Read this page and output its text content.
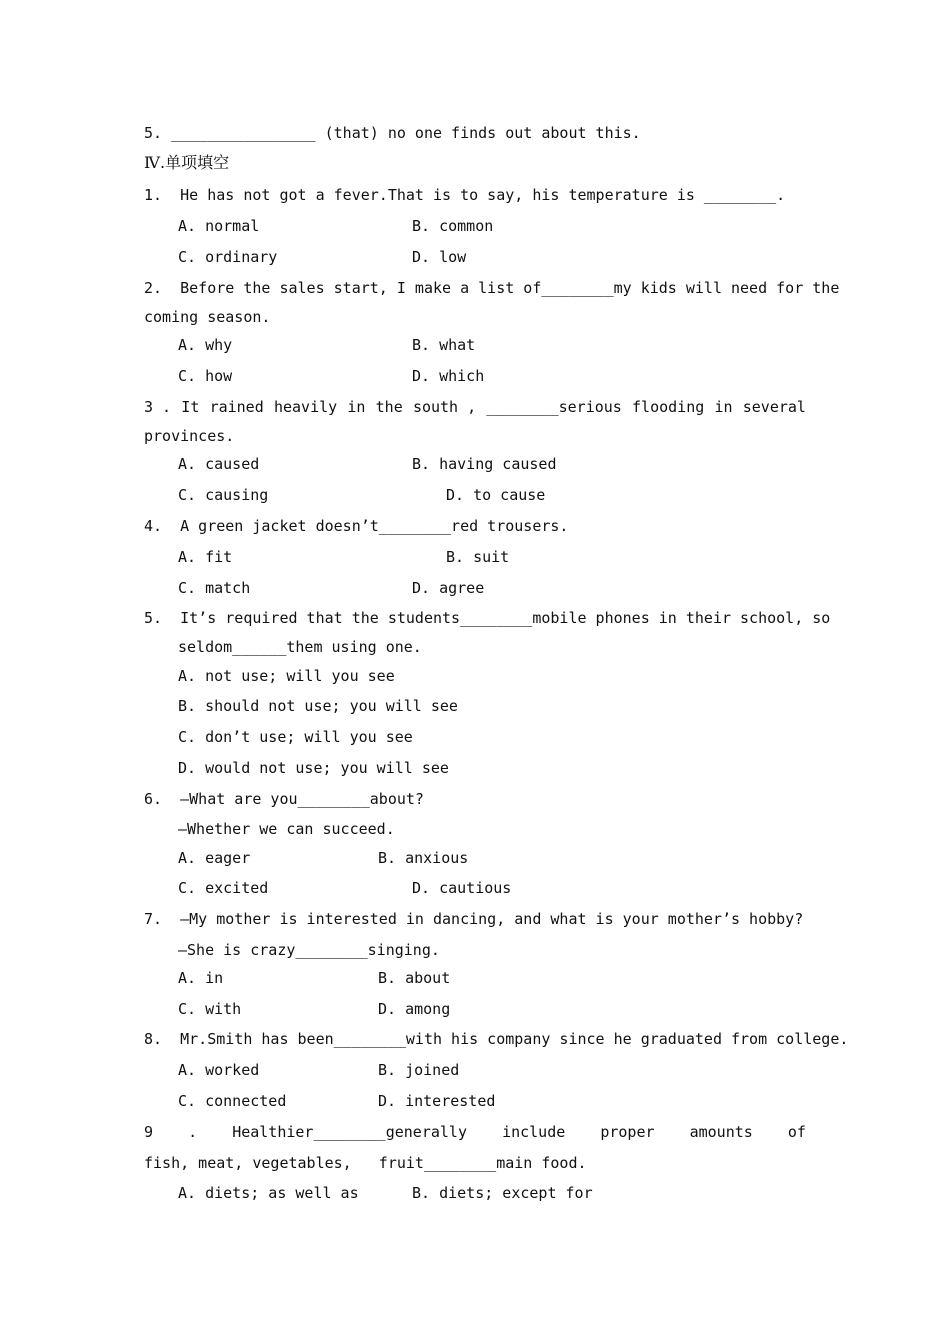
5. ________________ (that) no one finds out about this.
Ⅳ.单项填空
1.  He has not got a fever.That is to say, his temperature is ________.
A. normal	B. common
C. ordinary	D. low
2.  Before the sales start, I make a list of________my kids will need for the
coming season.
A. why	B. what
C. how	D. which
3 . It rained heavily in the south , ________serious flooding in several
provinces.
A. caused	B. having caused
C. causing	D. to cause
4.  A green jacket doesn’t________red trousers.
A. fit	B. suit
C. match	D. agree
5.  It’s required that the students________mobile phones in their school, so
seldom______them using one.
A. not use; will you see
B. should not use; you will see
C. don’t use; will you see
D. would not use; you will see
6.  —What are you________about?
—Whether we can succeed.
A. eager	B. anxious
C. excited	D. cautious
7.  —My mother is interested in dancing, and what is your mother’s hobby?
—She is crazy________singing.
A. in	B. about
C. with	D. among
8.  Mr.Smith has been________with his company since he graduated from college.
A. worked	B. joined
C. connected	D. interested
9 . Healthier________generally include proper amounts of
fish, meat, vegetables,   fruit________main food.
A. diets; as well as	B. diets; except for
